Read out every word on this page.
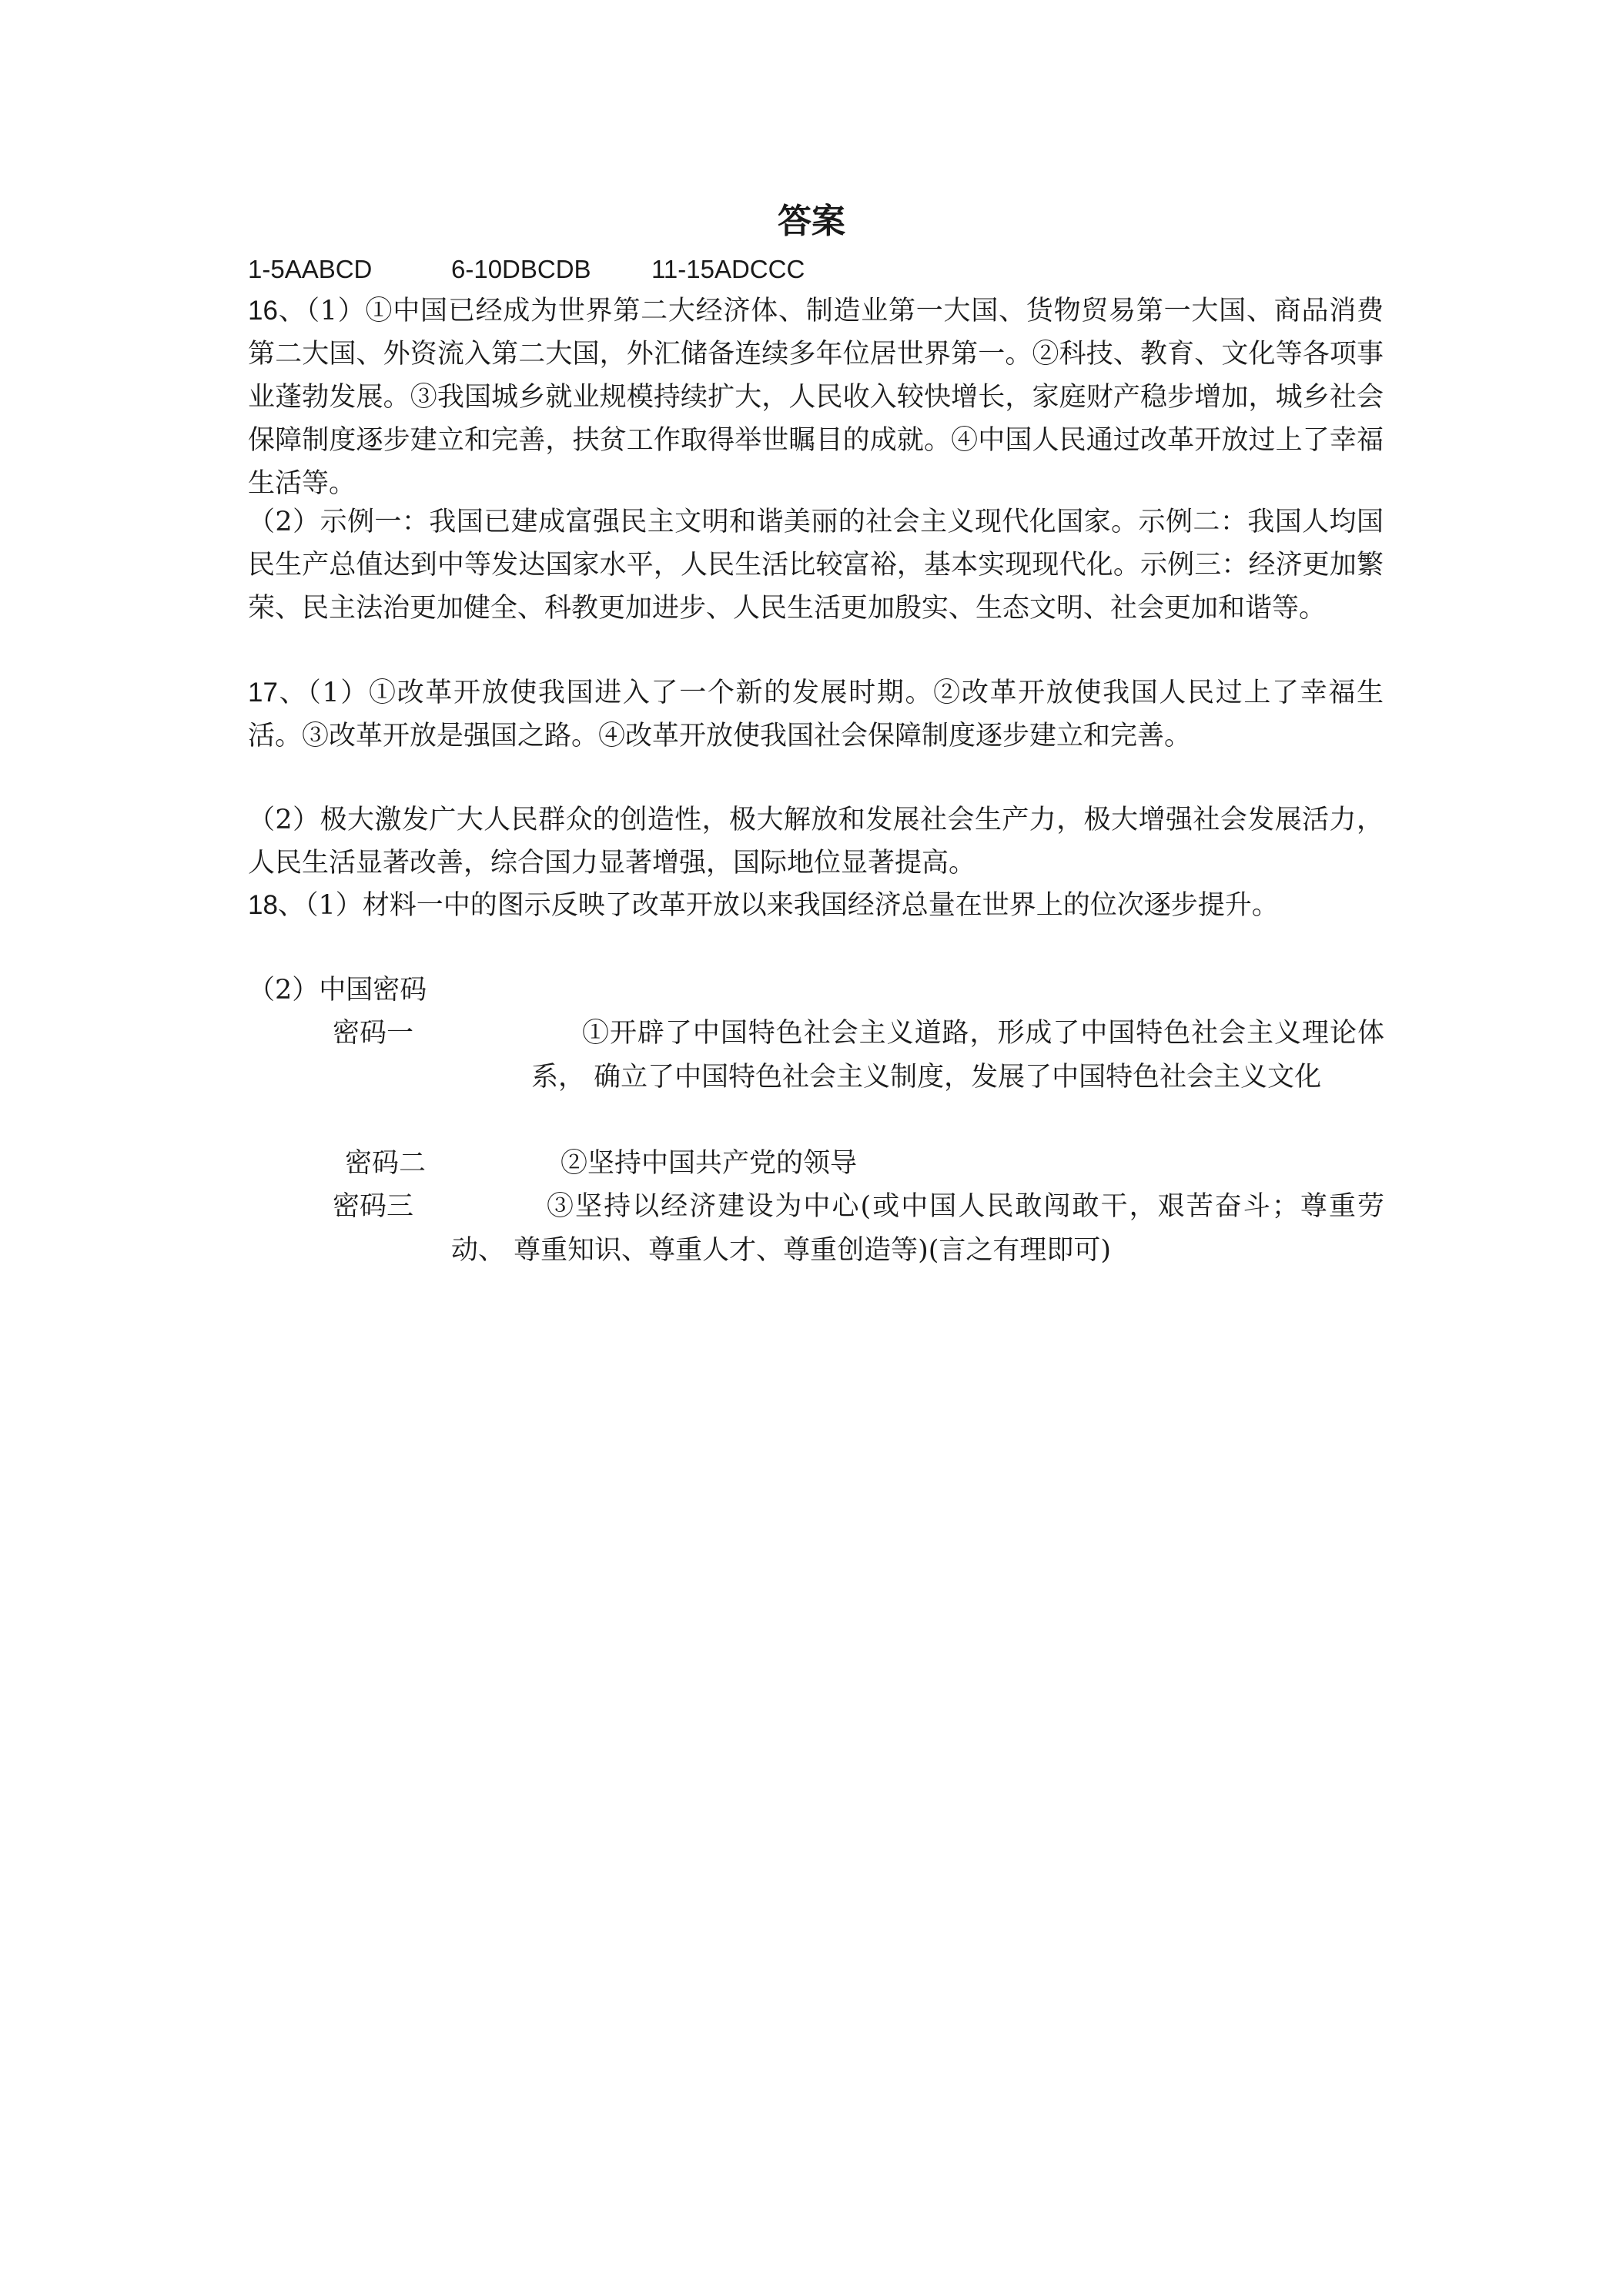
答案
1-5AABCD	6-10DBCDB 11-15ADCCC
16、（1）①中国已经成为世界第二大经济体、制造业第一大国、货物贸易第一大国、商品消费第二大国、外资流入第二大国，外汇储备连续多年位居世界第一。②科技、教育、文化等各项事业蓬勃发展。③我国城乡就业规模持续扩大，人民收入较快增长，家庭财产稳步增加，城乡社会保障制度逐步建立和完善，扶贫工作取得举世瞩目的成就。④中国人民通过改革开放过上了幸福生活等。
（2）示例一：我国已建成富强民主文明和谐美丽的社会主义现代化国家。示例二：我国人均国民生产总值达到中等发达国家水平，人民生活比较富裕，基本实现现代化。示例三：经济更加繁荣、民主法治更加健全、科教更加进步、人民生活更加殷实、生态文明、社会更加和谐等。
17、（1）①改革开放使我国进入了一个新的发展时期。②改革开放使我国人民过上了幸福生活。③改革开放是强国之路。④改革开放使我国社会保障制度逐步建立和完善。
（2）极大激发广大人民群众的创造性，极大解放和发展社会生产力，极大增强社会发展活力，人民生活显著改善，综合国力显著增强，国际地位显著提高。
18、（1）材料一中的图示反映了改革开放以来我国经济总量在世界上的位次逐步提升。
（2）中国密码
密码一	①开辟了中国特色社会主义道路，形成了中国特色社会主义理论体系， 确立了中国特色社会主义制度，发展了中国特色社会主义文化
密码二	②坚持中国共产党的领导
密码三	③坚持以经济建设为中心(或中国人民敢闯敢干，艰苦奋斗；尊重劳动、 尊重知识、尊重人才、尊重创造等)(言之有理即可)
